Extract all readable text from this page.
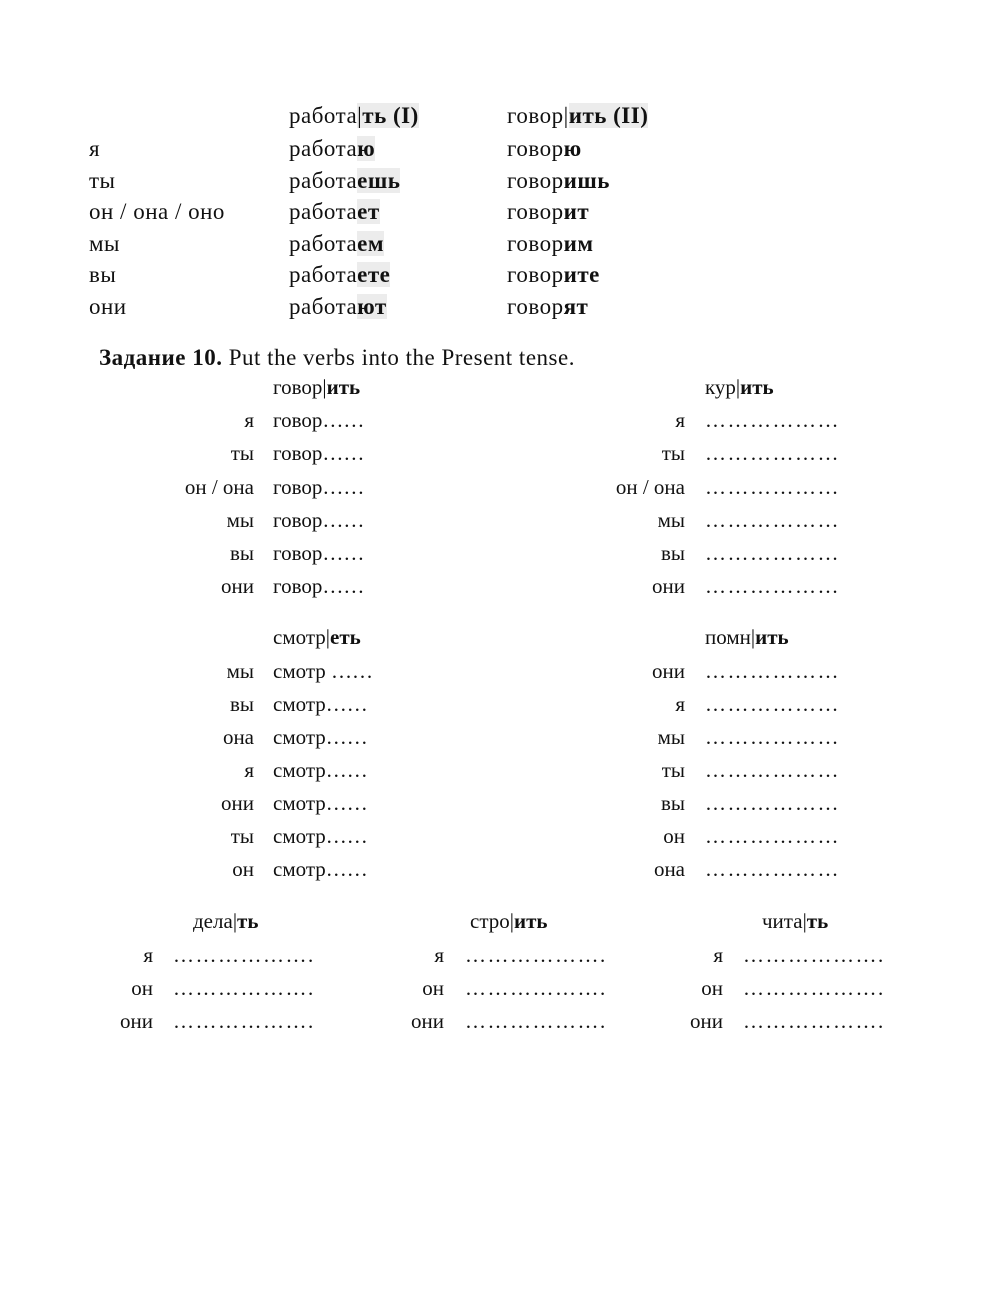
работа|ть (I)	говор|ить (II)
я
ты
он / она / оно
мы
вы
они
работаю
работаешь
работает
работаем
работаете
работают
говорю
говоришь
говорит
говорим
говорите
говорят
Задание 10. Put the verbs into the Present tense.
говор|ить
я говор……
ты говор……
он / она говор……
мы говор……
вы говор……
они говор……
кур|ить
я ………………
ты ………………
он / она ………………
мы ………………
вы ………………
они ………………
смотр|еть
мы смотр ……
вы смотр……
она смотр……
я смотр……
они смотр……
ты смотр……
он смотр……
помн|ить
они ………………
я ………………
мы ………………
ты ………………
вы ………………
он ………………
она ………………
дела|ть
я ……………….
он ……………….
они ……………….
стро|ить
я ……………….
он ……………….
они ……………….
чита|ть
я ……………….
он ……………….
они ……………….
